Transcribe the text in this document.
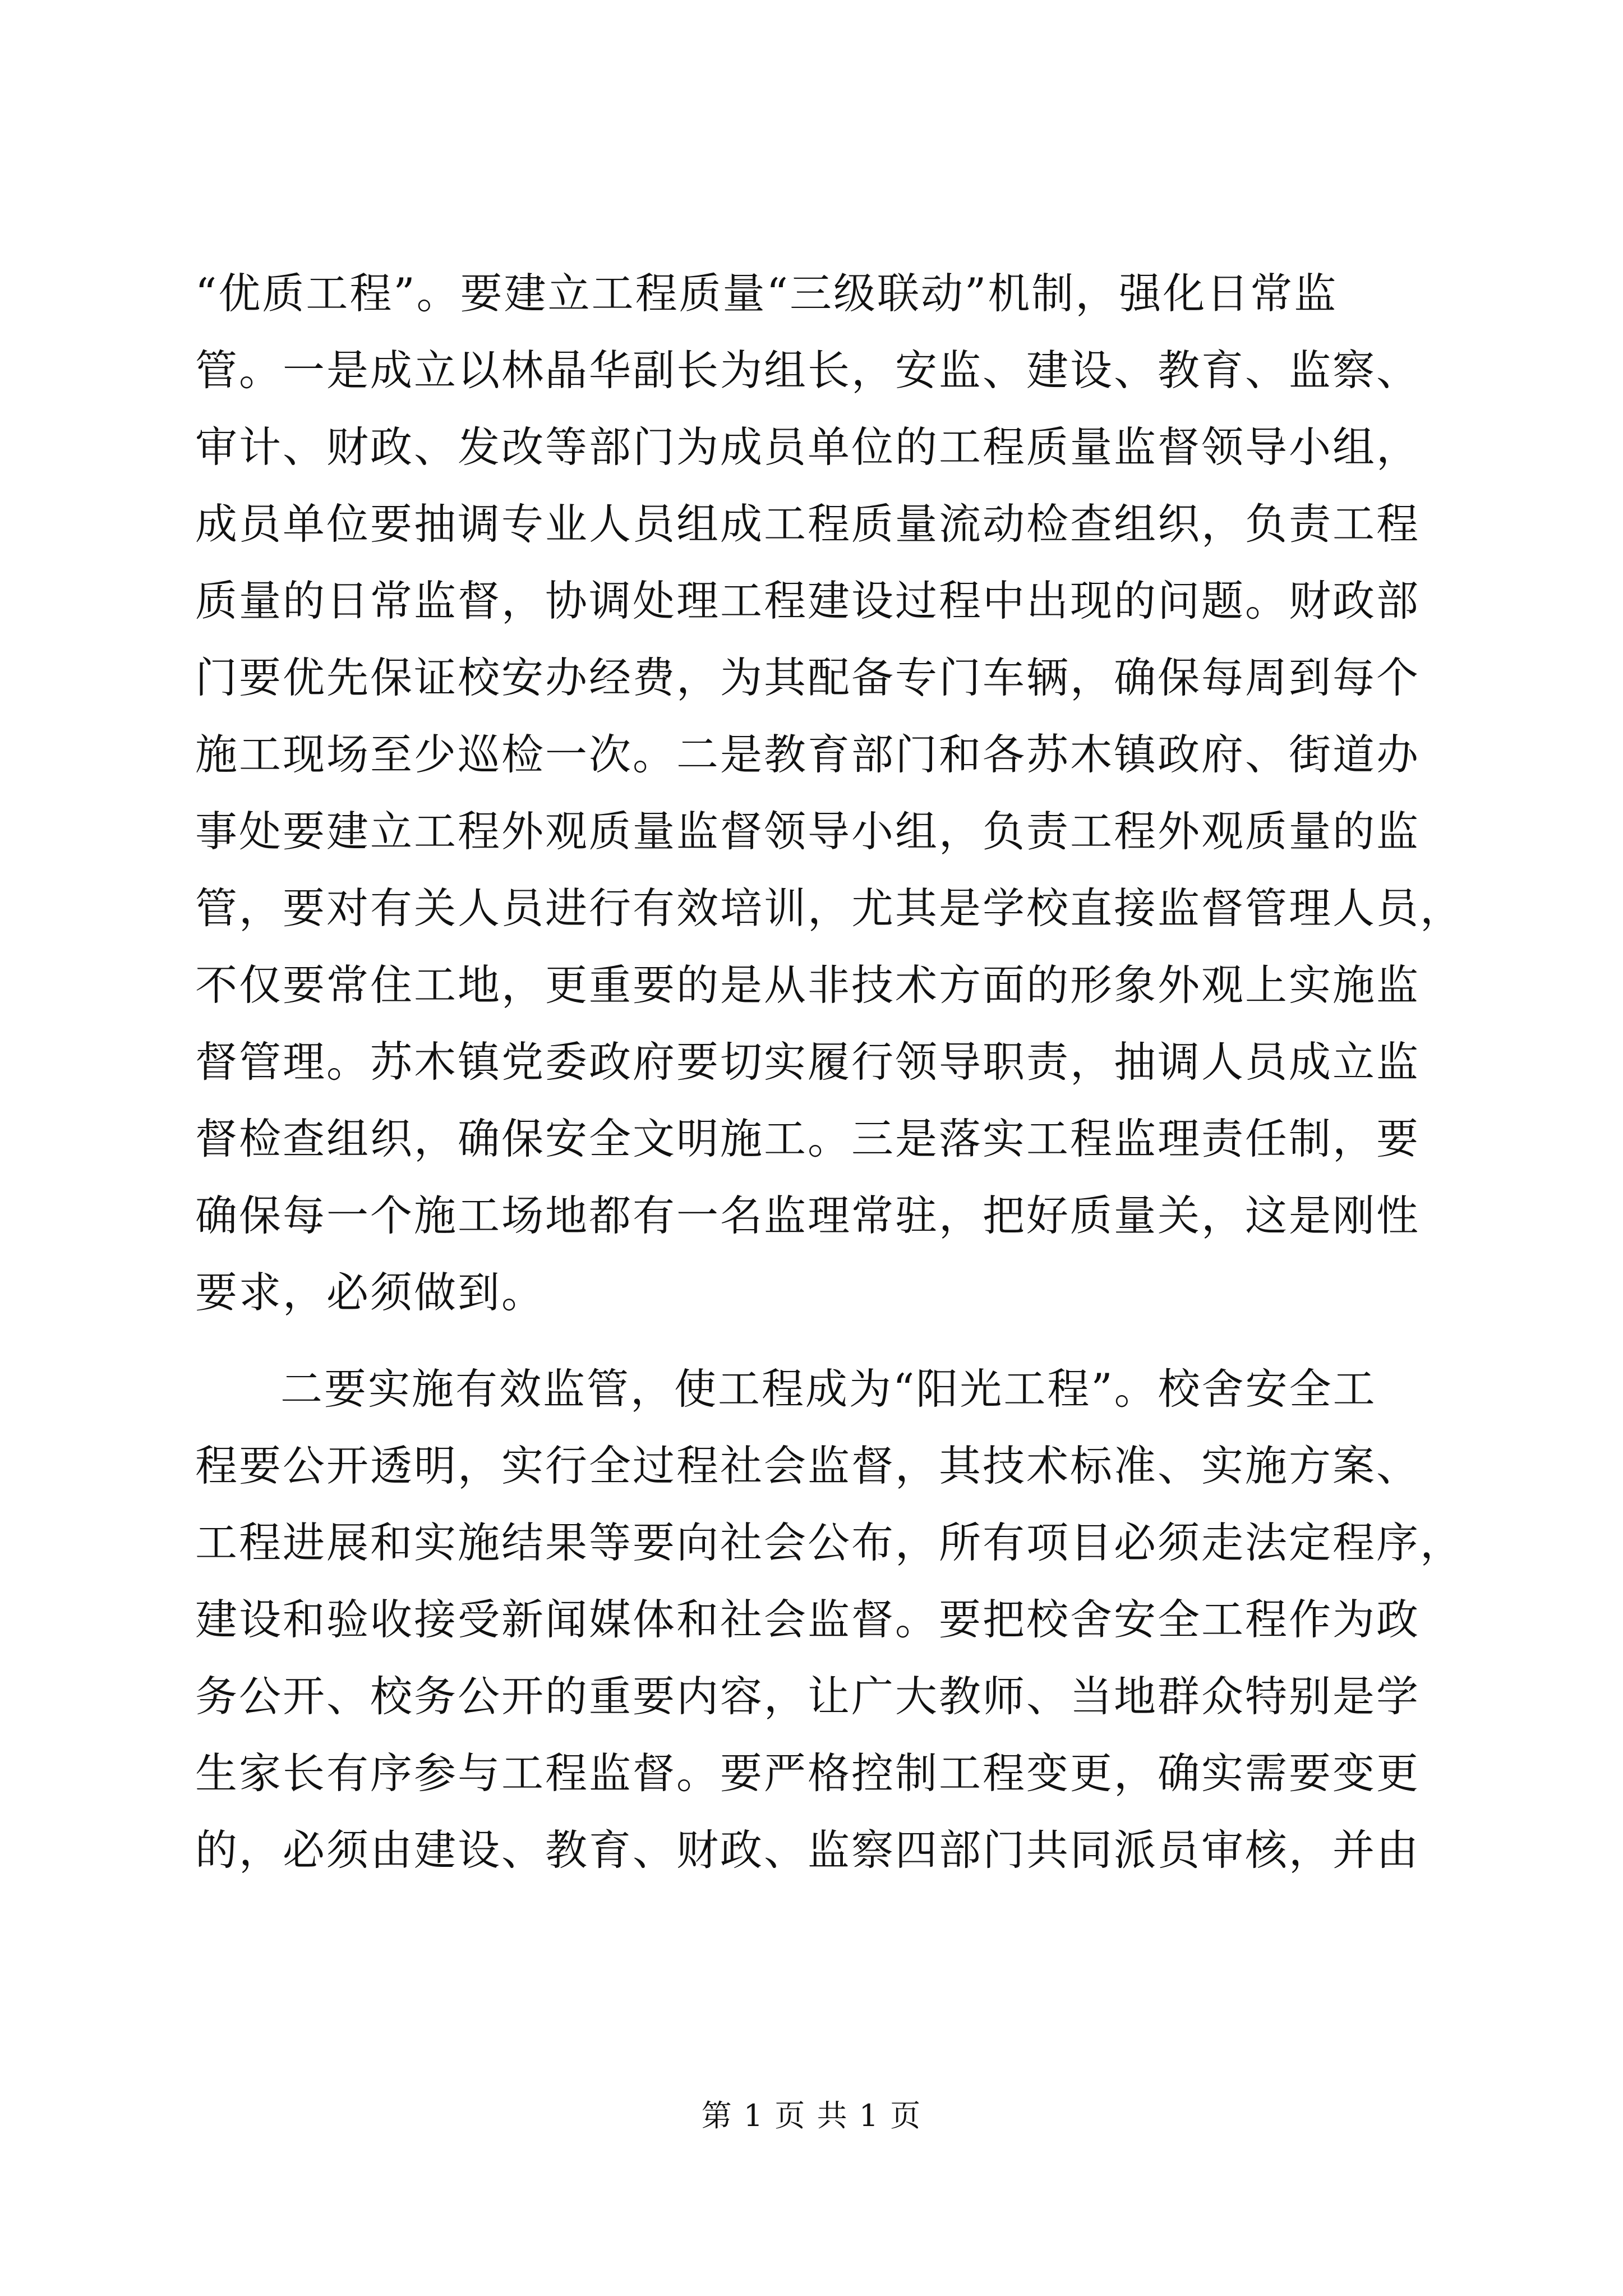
“优质工程”。要建立工程质量“三级联动”机制，强化日常监
管。一是成立以林晶华副长为组长，安监、建设、教育、监察、
审计、财政、发改等部门为成员单位的工程质量监督领导小组，
成员单位要抽调专业人员组成工程质量流动检查组织，负责工程
质量的日常监督，协调处理工程建设过程中出现的问题。财政部
门要优先保证校安办经费，为其配备专门车辆，确保每周到每个
施工现场至少巡检一次。二是教育部门和各苏木镇政府、街道办
事处要建立工程外观质量监督领导小组，负责工程外观质量的监
管，要对有关人员进行有效培训，尤其是学校直接监督管理人员，
不仅要常住工地，更重要的是从非技术方面的形象外观上实施监
督管理。苏木镇党委政府要切实履行领导职责，抽调人员成立监
督检查组织，确保安全文明施工。三是落实工程监理责任制，要
确保每一个施工场地都有一名监理常驻，把好质量关，这是刚性
要求，必须做到。
二要实施有效监管，使工程成为“阳光工程”。校舍安全工
程要公开透明，实行全过程社会监督，其技术标准、实施方案、
工程进展和实施结果等要向社会公布，所有项目必须走法定程序，
建设和验收接受新闻媒体和社会监督。要把校舍安全工程作为政
务公开、校务公开的重要内容，让广大教师、当地群众特别是学
生家长有序参与工程监督。要严格控制工程变更，确实需要变更
的，必须由建设、教育、财政、监察四部门共同派员审核，并由
第 1 页 共 1 页
